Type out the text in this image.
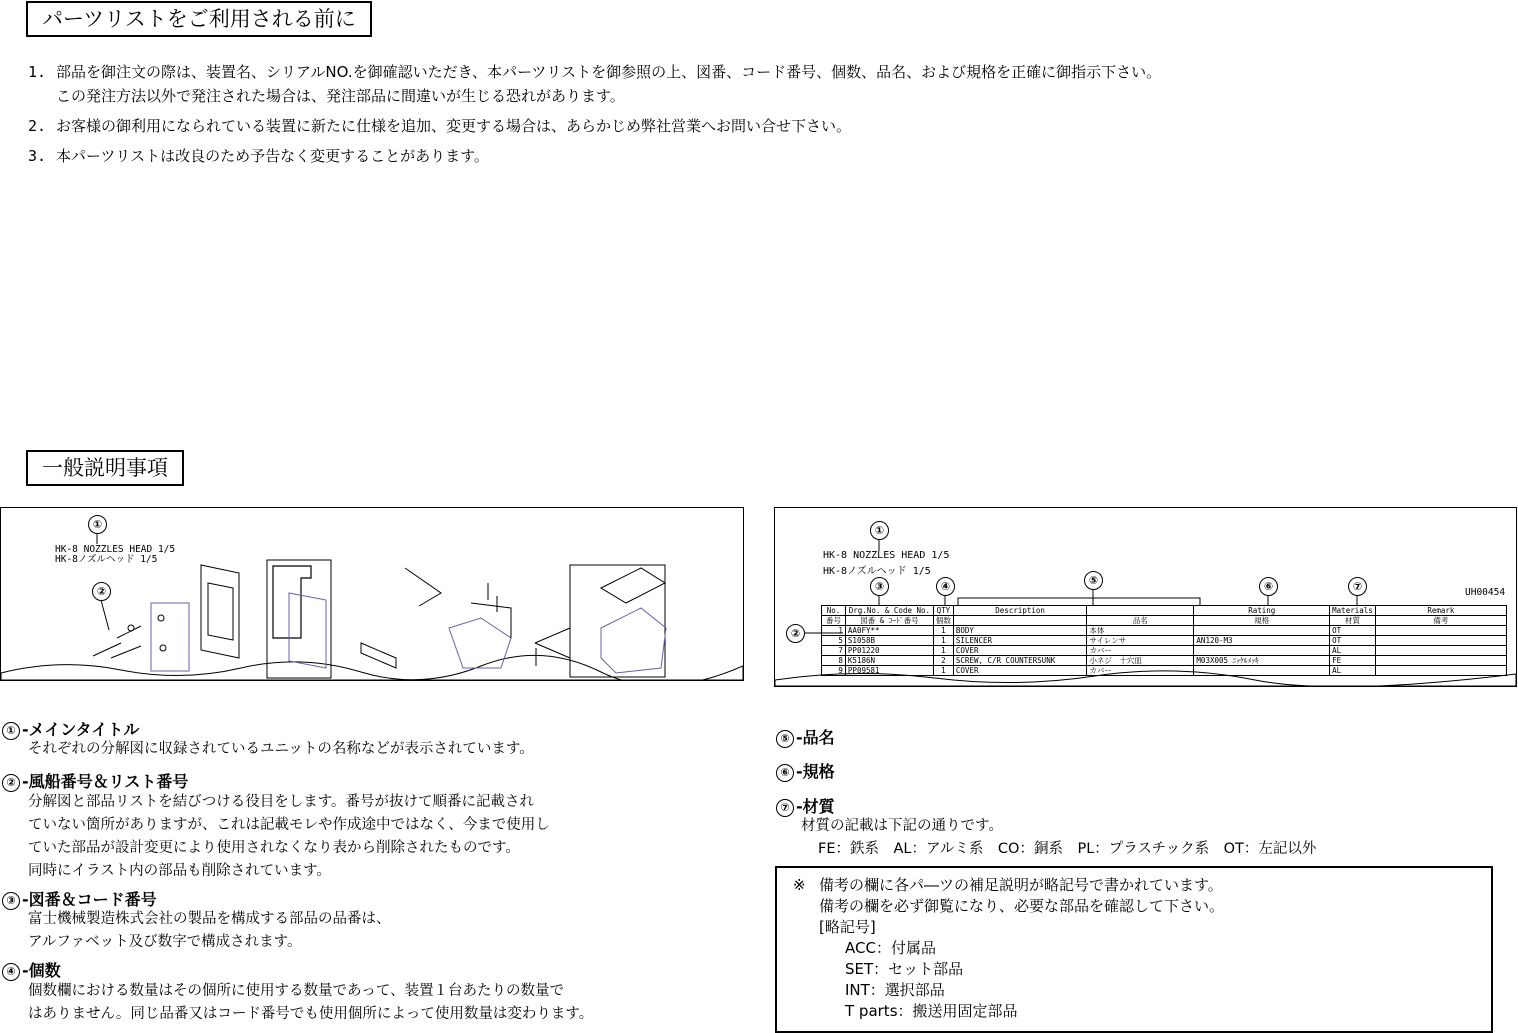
パーツリストをご利用される前に
1. 部品を御注文の際は、装置名、シリアルNO.を御確認いただき、本パーツリストを御参照の上、図番、コード番号、個数、品名、および規格を正確に御指示下さい。
この発注方法以外で発注された場合は、発注部品に間違いが生じる恐れがあります。
2. お客様の御利用になられている装置に新たに仕様を追加、変更する場合は、あらかじめ弊社営業へお問い合せ下さい。
3. 本パーツリストは改良のため予告なく変更することがあります。
一般説明事項
①
HK-8 NOZZLES HEAD 1/5
HK-8ノズルヘッド 1/5
②
①
HK-8 NOZZLES HEAD 1/5
HK-8ノズルヘッド 1/5
③	④	⑤	⑥	⑦	UH00454
②
No.	Drg.No. & Code No.	QTY	Description		Rating	Materials	Remark
番号	図番 & ｺｰﾄﾞ番号	個数		品名	規格	材質	備考
1	AA0FY**	1	BODY	本体		OT	
5	S1058B	1	SILENCER	サイレンサ	AN120-M3	OT	
7	PP01220	1	COVER	カバー		AL	
8	K5186N	2	SCREW, C/R COUNTERSUNK	小ネジ　十穴皿	M03X005 ﾆｯｹﾙﾒｯｷ	FE	
9	PP09581	1	COVER	カバー		AL	
① -メインタイトル
それぞれの分解図に収録されているユニットの名称などが表示されています。
② -風船番号＆リスト番号
分解図と部品リストを結びつける役目をします。番号が抜けて順番に記載され
ていない箇所がありますが、これは記載モレや作成途中ではなく、今まで使用し
ていた部品が設計変更により使用されなくなり表から削除されたものです。
同時にイラスト内の部品も削除されています。
③ -図番＆コード番号
富士機械製造株式会社の製品を構成する部品の品番は、
アルファベット及び数字で構成されます。
④ -個数
個数欄における数量はその個所に使用する数量であって、装置１台あたりの数量で
はありません。同じ品番又はコード番号でも使用個所によって使用数量は変わります。
⑤ -品名
⑥ -規格
⑦ -材質
材質の記載は下記の通りです。
FE：鉄系　AL：アルミ系　CO：銅系　PL：プラスチック系　OT：左記以外
※ 備考の欄に各パ―ツの補足説明が略記号で書かれています。
備考の欄を必ず御覧になり、必要な部品を確認して下さい。
[略記号]
ACC：付属品
SET：セット部品
INT：選択部品
T parts：搬送用固定部品
